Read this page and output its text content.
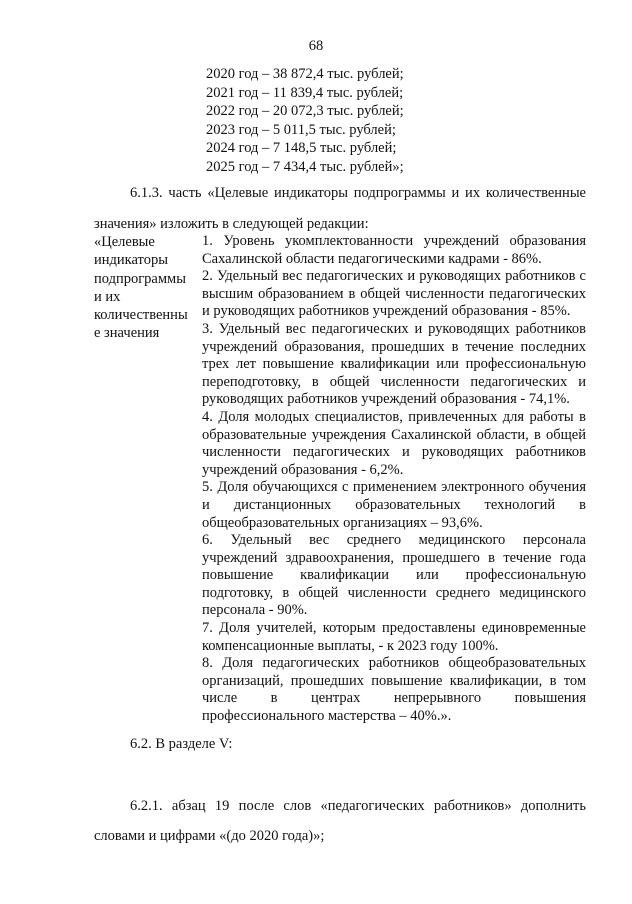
68
2020 год – 38 872,4 тыс. рублей;
2021 год – 11 839,4 тыс. рублей;
2022 год – 20 072,3 тыс. рублей;
2023 год – 5 011,5 тыс. рублей;
2024 год – 7 148,5 тыс. рублей;
2025 год – 7 434,4 тыс. рублей»;
6.1.3. часть «Целевые индикаторы подпрограммы и их количественные значения» изложить в следующей редакции:
«Целевые
индикаторы
подпрограммы
и их
количественны
е значения
1. Уровень укомплектованности учреждений образования Сахалинской области педагогическими кадрами - 86%.
2. Удельный вес педагогических и руководящих работников с высшим образованием в общей численности педагогических и руководящих работников учреждений образования - 85%.
3. Удельный вес педагогических и руководящих работников учреждений образования, прошедших в течение последних трех лет повышение квалификации или профессиональную переподготовку, в общей численности педагогических и руководящих работников учреждений образования - 74,1%.
4. Доля молодых специалистов, привлеченных для работы в образовательные учреждения Сахалинской области, в общей численности педагогических и руководящих работников учреждений образования - 6,2%.
5. Доля обучающихся с применением электронного обучения и дистанционных образовательных технологий в общеобразовательных организациях – 93,6%.
6. Удельный вес среднего медицинского персонала учреждений здравоохранения, прошедшего в течение года повышение квалификации или профессиональную подготовку, в общей численности среднего медицинского персонала - 90%.
7. Доля учителей, которым предоставлены единовременные компенсационные выплаты, - к 2023 году 100%.
8. Доля педагогических работников общеобразовательных организаций, прошедших повышение квалификации, в том числе в центрах непрерывного повышения профессионального мастерства – 40%.».
6.2. В разделе V:
6.2.1. абзац 19 после слов «педагогических работников» дополнить словами и цифрами «(до 2020 года)»;
